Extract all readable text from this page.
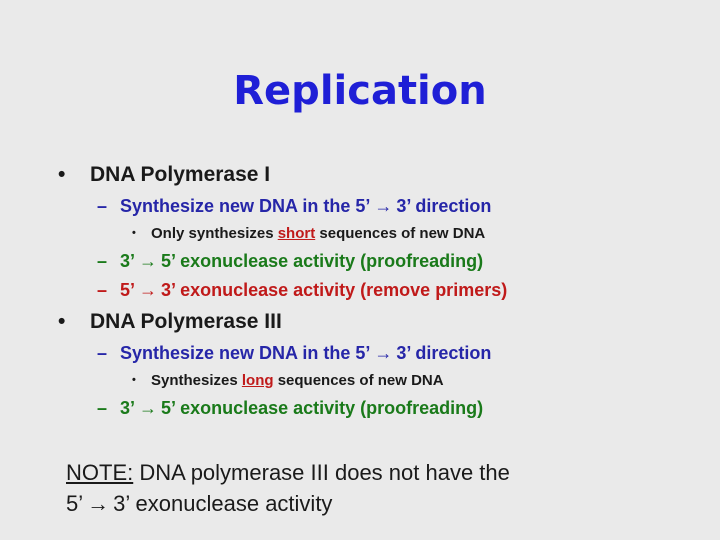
Replication
• DNA Polymerase I
– Synthesize new DNA in the 5’ → 3’ direction
• Only synthesizes short sequences of new DNA
– 3’ → 5’ exonuclease activity (proofreading)
– 5’ → 3’ exonuclease activity (remove primers)
• DNA Polymerase III
– Synthesize new DNA in the 5’ → 3’ direction
• Synthesizes long sequences of new DNA
– 3’ → 5’ exonuclease activity (proofreading)
NOTE: DNA polymerase III does not have the
5’ → 3’ exonuclease activity
